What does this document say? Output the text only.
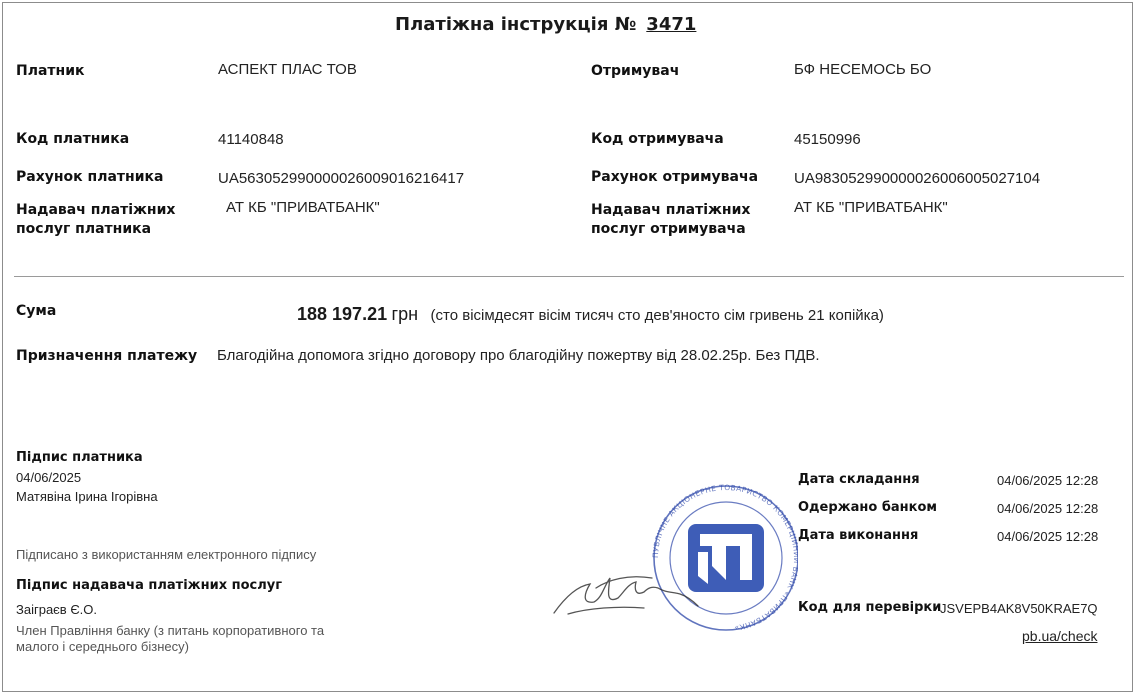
Платіжна інструкція № 3471
Платник	АСПЕКТ ПЛАС ТОВ
Код платника	41140848
Рахунок платника	UA563052990000026009016216417
Надавач платіжних
послуг платника
АТ КБ "ПРИВАТБАНК"
Отримувач	БФ НЕСЕМОСЬ БО
Код отримувача	45150996
Рахунок отримувача UA983052990000026006005027104
Надавач платіжних
послуг отримувача
АТ КБ "ПРИВАТБАНК"
Сума	188 197.21 грн (сто вісімдесят вісім тисяч сто дев'яносто сім гривень 21 копійка)
Призначення платежу Благодійна допомога згідно договору про благодійну пожертву від 28.02.25р. Без ПДВ.
Підпис платника
04/06/2025
Матявіна Ірина Ігорівна
Підписано з використанням електронного підпису
Підпис надавача платіжних послуг
Заіграєв Є.О.
Член Правління банку (з питань корпоративного та
малого і середнього бізнесу)
ПУБЛІЧНЕ АКЦІОНЕРНЕ ТОВАРИСТВО КОМЕРЦІ НК «ПРИВАТБАНК»
Дата складання	04/06/2025 12:28
Одержано банком	04/06/2025 12:28
Дата виконання	04/06/2025 12:28
Код для перевірки
JSVEPB4AK8V50KRAE7Q
pb.ua/check
